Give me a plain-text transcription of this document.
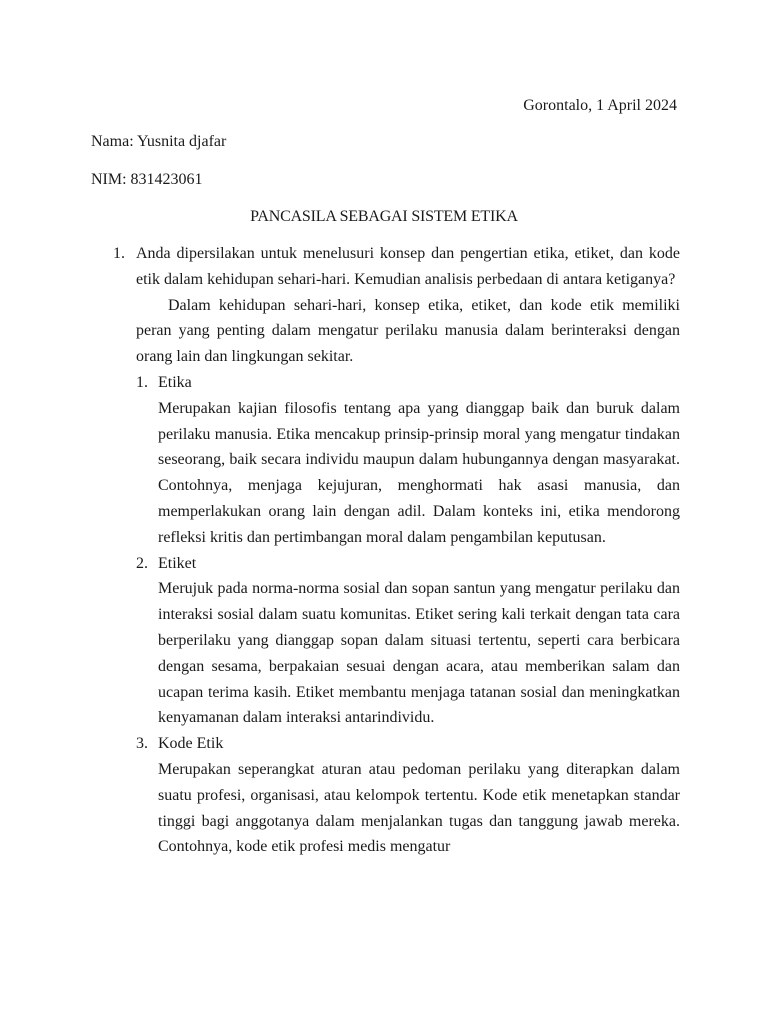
Gorontalo, 1 April 2024
Nama: Yusnita djafar
NIM: 831423061
PANCASILA SEBAGAI SISTEM ETIKA
1. Anda dipersilakan untuk menelusuri konsep dan pengertian etika, etiket, dan kode etik dalam kehidupan sehari-hari. Kemudian analisis perbedaan di antara ketiganya?
Dalam kehidupan sehari-hari, konsep etika, etiket, dan kode etik memiliki peran yang penting dalam mengatur perilaku manusia dalam berinteraksi dengan orang lain dan lingkungan sekitar.
1. Etika
Merupakan kajian filosofis tentang apa yang dianggap baik dan buruk dalam perilaku manusia. Etika mencakup prinsip-prinsip moral yang mengatur tindakan seseorang, baik secara individu maupun dalam hubungannya dengan masyarakat. Contohnya, menjaga kejujuran, menghormati hak asasi manusia, dan memperlakukan orang lain dengan adil. Dalam konteks ini, etika mendorong refleksi kritis dan pertimbangan moral dalam pengambilan keputusan.
2. Etiket
Merujuk pada norma-norma sosial dan sopan santun yang mengatur perilaku dan interaksi sosial dalam suatu komunitas. Etiket sering kali terkait dengan tata cara berperilaku yang dianggap sopan dalam situasi tertentu, seperti cara berbicara dengan sesama, berpakaian sesuai dengan acara, atau memberikan salam dan ucapan terima kasih. Etiket membantu menjaga tatanan sosial dan meningkatkan kenyamanan dalam interaksi antarindividu.
3. Kode Etik
Merupakan seperangkat aturan atau pedoman perilaku yang diterapkan dalam suatu profesi, organisasi, atau kelompok tertentu. Kode etik menetapkan standar tinggi bagi anggotanya dalam menjalankan tugas dan tanggung jawab mereka. Contohnya, kode etik profesi medis mengatur
